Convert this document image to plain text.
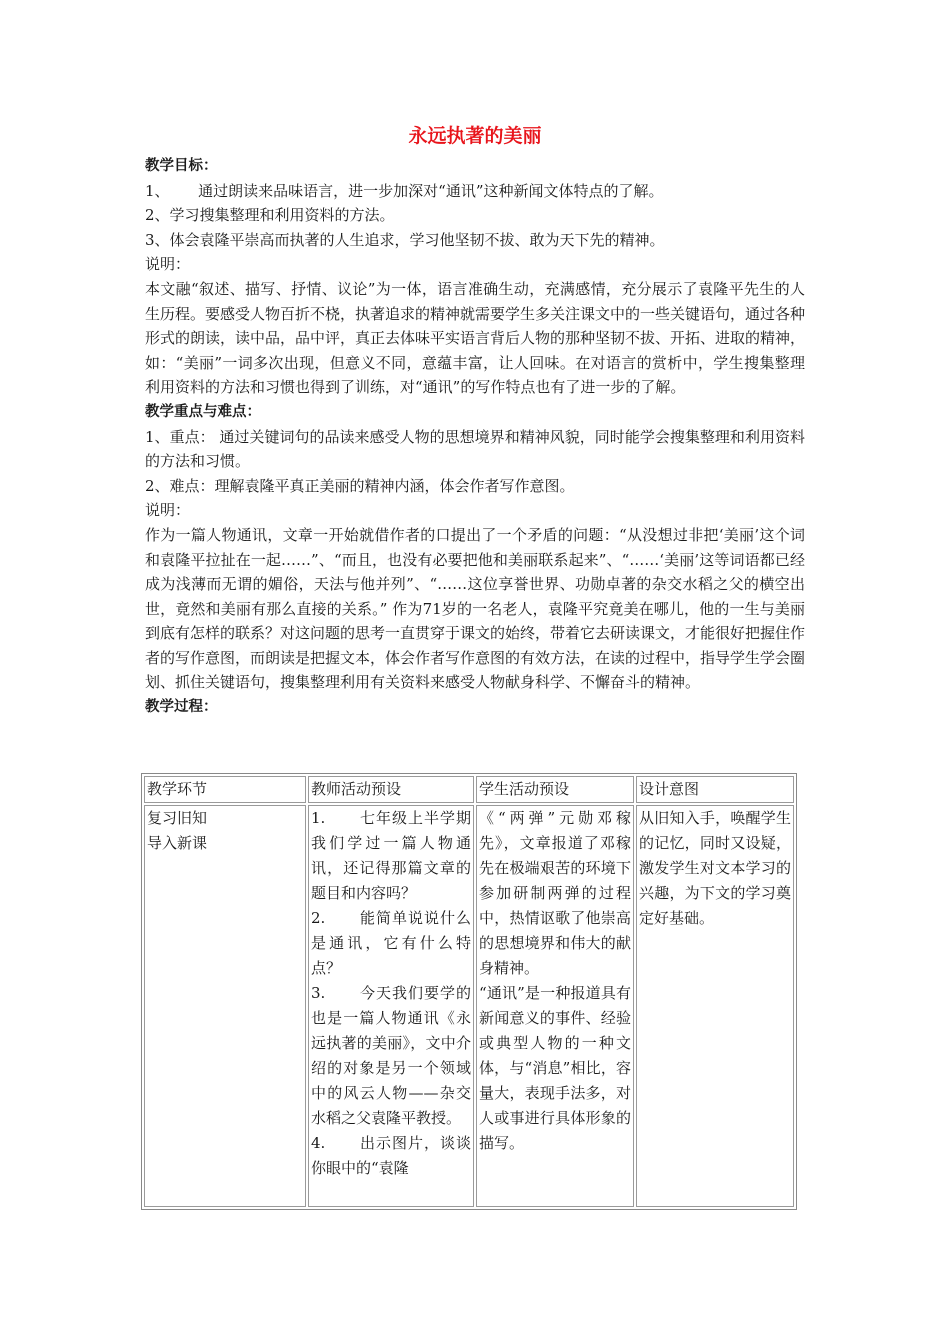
永远执著的美丽
教学目标：
1、      通过朗读来品味语言，进一步加深对“通讯”这种新闻文体特点的了解。
2、学习搜集整理和利用资料的方法。
3、体会袁隆平崇高而执著的人生追求，学习他坚韧不拔、敢为天下先的精神。
说明：
本文融“叙述、描写、抒情、议论”为一体，语言准确生动，充满感情，充分展示了袁隆平先生的人生历程。要感受人物百折不桡，执著追求的精神就需要学生多关注课文中的一些关键语句，通过各种形式的朗读，读中品，品中评，真正去体味平实语言背后人物的那种坚韧不拔、开拓、进取的精神，如：“美丽”一词多次出现，但意义不同，意蕴丰富，让人回味。在对语言的赏析中，学生搜集整理利用资料的方法和习惯也得到了训练，对“通讯”的写作特点也有了进一步的了解。
教学重点与难点：
1、重点： 通过关键词句的品读来感受人物的思想境界和精神风貌，同时能学会搜集整理和利用资料的方法和习惯。
2、难点：理解袁隆平真正美丽的精神内涵，体会作者写作意图。
说明：
作为一篇人物通讯，文章一开始就借作者的口提出了一个矛盾的问题：“从没想过非把‘美丽’这个词和袁隆平拉扯在一起……”、“而且，也没有必要把他和美丽联系起来”、“……‘美丽’这等词语都已经成为浅薄而无谓的媚俗，天法与他并列”、“……这位享誉世界、功勋卓著的杂交水稻之父的横空出世，竟然和美丽有那么直接的关系。” 作为71岁的一名老人，袁隆平究竟美在哪儿，他的一生与美丽到底有怎样的联系？对这问题的思考一直贯穿于课文的始终，带着它去研读课文，才能很好把握住作者的写作意图，而朗读是把握文本，体会作者写作意图的有效方法，在读的过程中，指导学生学会圈划、抓住关键语句，搜集整理利用有关资料来感受人物献身科学、不懈奋斗的精神。
教学过程：
教学环节	教师活动预设	学生活动预设	设计意图
复习旧知
导入新课	1.      七年级上半学期我们学过一篇人物通讯，还记得那篇文章的题目和内容吗？
2.      能简单说说什么是通讯，它有什么特点？
3.      今天我们要学的也是一篇人物通讯《永远执著的美丽》，文中介绍的对象是另一个领域中的风云人物——杂交水稻之父袁隆平教授。
4.      出示图片，谈谈你眼中的“袁隆	《“两弹”元勋邓稼先》，文章报道了邓稼先在极端艰苦的环境下参加研制两弹的过程中，热情讴歌了他崇高的思想境界和伟大的献身精神。
“通讯”是一种报道具有新闻意义的事件、经验或典型人物的一种文体，与“消息”相比，容量大，表现手法多，对人或事进行具体形象的描写。	从旧知入手，唤醒学生的记忆，同时又设疑，激发学生对文本学习的兴趣，为下文的学习奠定好基础。
